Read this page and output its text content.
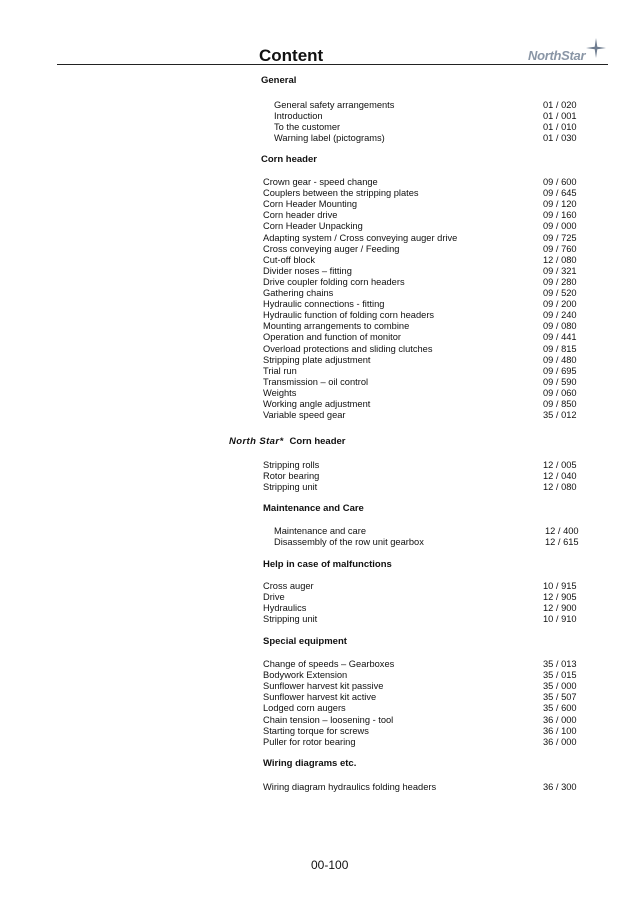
Content	NorthStar
General
Corn header
North Star* Corn header
Maintenance and Care
Help in case of malfunctions
Special equipment
Wiring diagrams etc.
General safety arrangements	01 / 020
Introduction	01 / 001
To the customer	01 / 010
Warning label (pictograms)	01 / 030
Crown gear - speed change	09 / 600
Couplers between the stripping plates	09 / 645
Corn Header Mounting	09 / 120
Corn header drive	09 / 160
Corn Header Unpacking	09 / 000
Adapting system / Cross conveying auger drive	09 / 725
Cross conveying auger / Feeding	09 / 760
Cut-off block	12 / 080
Divider noses – fitting	09 / 321
Drive coupler folding corn headers	09 / 280
Gathering chains	09 / 520
Hydraulic connections - fitting	09 / 200
Hydraulic function of folding corn headers	09 / 240
Mounting arrangements to combine	09 / 080
Operation and function of monitor	09 / 441
Overload protections and sliding clutches	09 / 815
Stripping plate adjustment	09 / 480
Trial run	09 / 695
Transmission – oil control	09 / 590
Weights	09 / 060
Working angle adjustment	09 / 850
Variable speed gear	35 / 012
Stripping rolls	12 / 005
Rotor bearing	12 / 040
Stripping unit	12 / 080
Maintenance and care	12 / 400
Disassembly of the row unit gearbox	12 / 615
Cross auger	10 / 915
Drive	12 / 905
Hydraulics	12 / 900
Stripping unit	10 / 910
Change of speeds – Gearboxes	35 / 013
Bodywork Extension	35 / 015
Sunflower harvest kit passive	35 / 000
Sunflower harvest kit active	35 / 507
Lodged corn augers	35 / 600
Chain tension – loosening - tool	36 / 000
Starting torque for screws	36 / 100
Puller for rotor bearing	36 / 000
Wiring diagram hydraulics folding headers	36 / 300
00-100
